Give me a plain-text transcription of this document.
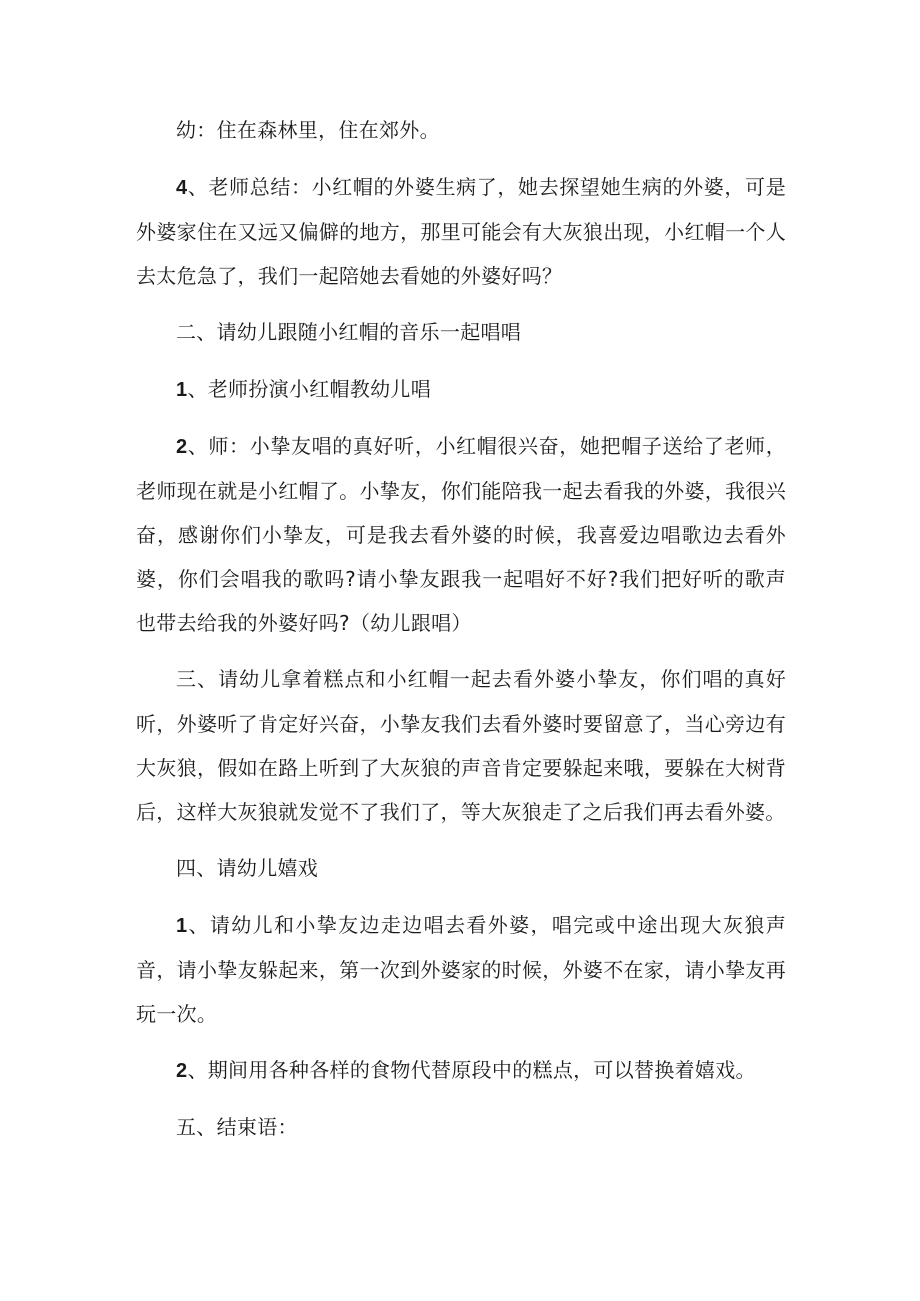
幼：住在森林里，住在郊外。

4、老师总结：小红帽的外婆生病了，她去探望她生病的外婆，可是外婆家住在又远又偏僻的地方，那里可能会有大灰狼出现，小红帽一个人去太危急了，我们一起陪她去看她的外婆好吗？

二、请幼儿跟随小红帽的音乐一起唱唱

1、老师扮演小红帽教幼儿唱

2、师：小挚友唱的真好听，小红帽很兴奋，她把帽子送给了老师，老师现在就是小红帽了。小挚友，你们能陪我一起去看我的外婆，我很兴奋，感谢你们小挚友，可是我去看外婆的时候，我喜爱边唱歌边去看外婆，你们会唱我的歌吗?请小挚友跟我一起唱好不好?我们把好听的歌声也带去给我的外婆好吗?（幼儿跟唱）

三、请幼儿拿着糕点和小红帽一起去看外婆小挚友，你们唱的真好听，外婆听了肯定好兴奋，小挚友我们去看外婆时要留意了，当心旁边有大灰狼，假如在路上听到了大灰狼的声音肯定要躲起来哦，要躲在大树背后，这样大灰狼就发觉不了我们了，等大灰狼走了之后我们再去看外婆。

四、请幼儿嬉戏

1、请幼儿和小挚友边走边唱去看外婆，唱完或中途出现大灰狼声音，请小挚友躲起来，第一次到外婆家的时候，外婆不在家，请小挚友再玩一次。

2、期间用各种各样的食物代替原段中的糕点，可以替换着嬉戏。

五、结束语：
